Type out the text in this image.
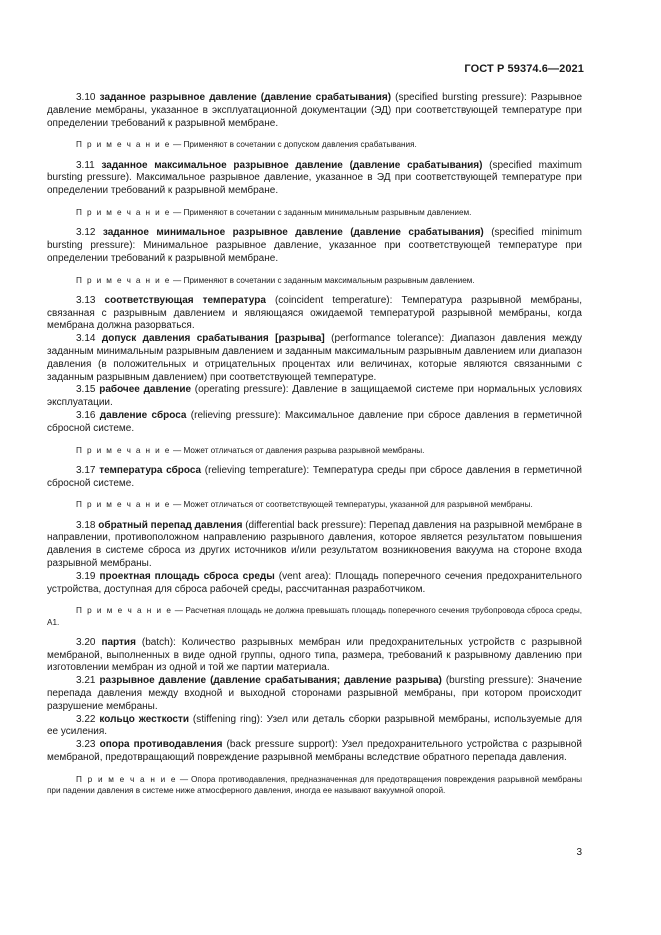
ГОСТ Р 59374.6—2021

3.10 заданное разрывное давление (давление срабатывания) (specified bursting pressure): Разрывное давление мембраны, указанное в эксплуатационной документации (ЭД) при соответствующей температуре при определении требований к разрывной мембране.

П р и м е ч а н и е — Применяют в сочетании с допуском давления срабатывания.

3.11 заданное максимальное разрывное давление (давление срабатывания) (specified maximum bursting pressure). Максимальное разрывное давление, указанное в ЭД при соответствующей температуре при определении требований к разрывной мембране.

П р и м е ч а н и е — Применяют в сочетании с заданным минимальным разрывным давлением.

3.12 заданное минимальное разрывное давление (давление срабатывания) (specified minimum bursting pressure): Минимальное разрывное давление, указанное при соответствующей температуре при определении требований к разрывной мембране.

П р и м е ч а н и е — Применяют в сочетании с заданным максимальным разрывным давлением.

3.13 соответствующая температура (coincident temperature): Температура разрывной мембраны, связанная с разрывным давлением и являющаяся ожидаемой температурой разрывной мембраны, когда мембрана должна разорваться.

3.14 допуск давления срабатывания [разрыва] (performance tolerance): Диапазон давления между заданным минимальным разрывным давлением и заданным максимальным разрывным давлением или диапазон давления (в положительных и отрицательных процентах или величинах, которые являются связанными с заданным разрывным давлением) при соответствующей температуре.

3.15 рабочее давление (operating pressure): Давление в защищаемой системе при нормальных условиях эксплуатации.

3.16 давление сброса (relieving pressure): Максимальное давление при сбросе давления в герметичной сбросной системе.

П р и м е ч а н и е — Может отличаться от давления разрыва разрывной мембраны.

3.17 температура сброса (relieving temperature): Температура среды при сбросе давления в герметичной сбросной системе.

П р и м е ч а н и е — Может отличаться от соответствующей температуры, указанной для разрывной мембраны.

3.18 обратный перепад давления (differential back pressure): Перепад давления на разрывной мембране в направлении, противоположном направлению разрывного давления, которое является результатом повышения давления в системе сброса из других источников и/или результатом возникновения вакуума на стороне входа разрывной мембраны.

3.19 проектная площадь сброса среды (vent area): Площадь поперечного сечения предохранительного устройства, доступная для сброса рабочей среды, рассчитанная разработчиком.

П р и м е ч а н и е — Расчетная площадь не должна превышать площадь поперечного сечения трубопровода сброса среды, А1.

3.20 партия (batch): Количество разрывных мембран или предохранительных устройств с разрывной мембраной, выполненных в виде одной группы, одного типа, размера, требований к разрывному давлению при изготовлении мембран из одной и той же партии материала.

3.21 разрывное давление (давление срабатывания; давление разрыва) (bursting pressure): Значение перепада давления между входной и выходной сторонами разрывной мембраны, при котором происходит разрушение мембраны.

3.22 кольцо жесткости (stiffening ring): Узел или деталь сборки разрывной мембраны, используемые для ее усиления.

3.23 опора противодавления (back pressure support): Узел предохранительного устройства с разрывной мембраной, предотвращающий повреждение разрывной мембраны вследствие обратного перепада давления.

П р и м е ч а н и е — Опора противодавления, предназначенная для предотвращения повреждения разрывной мембраны при падении давления в системе ниже атмосферного давления, иногда ее называют вакуумной опорой.

3
